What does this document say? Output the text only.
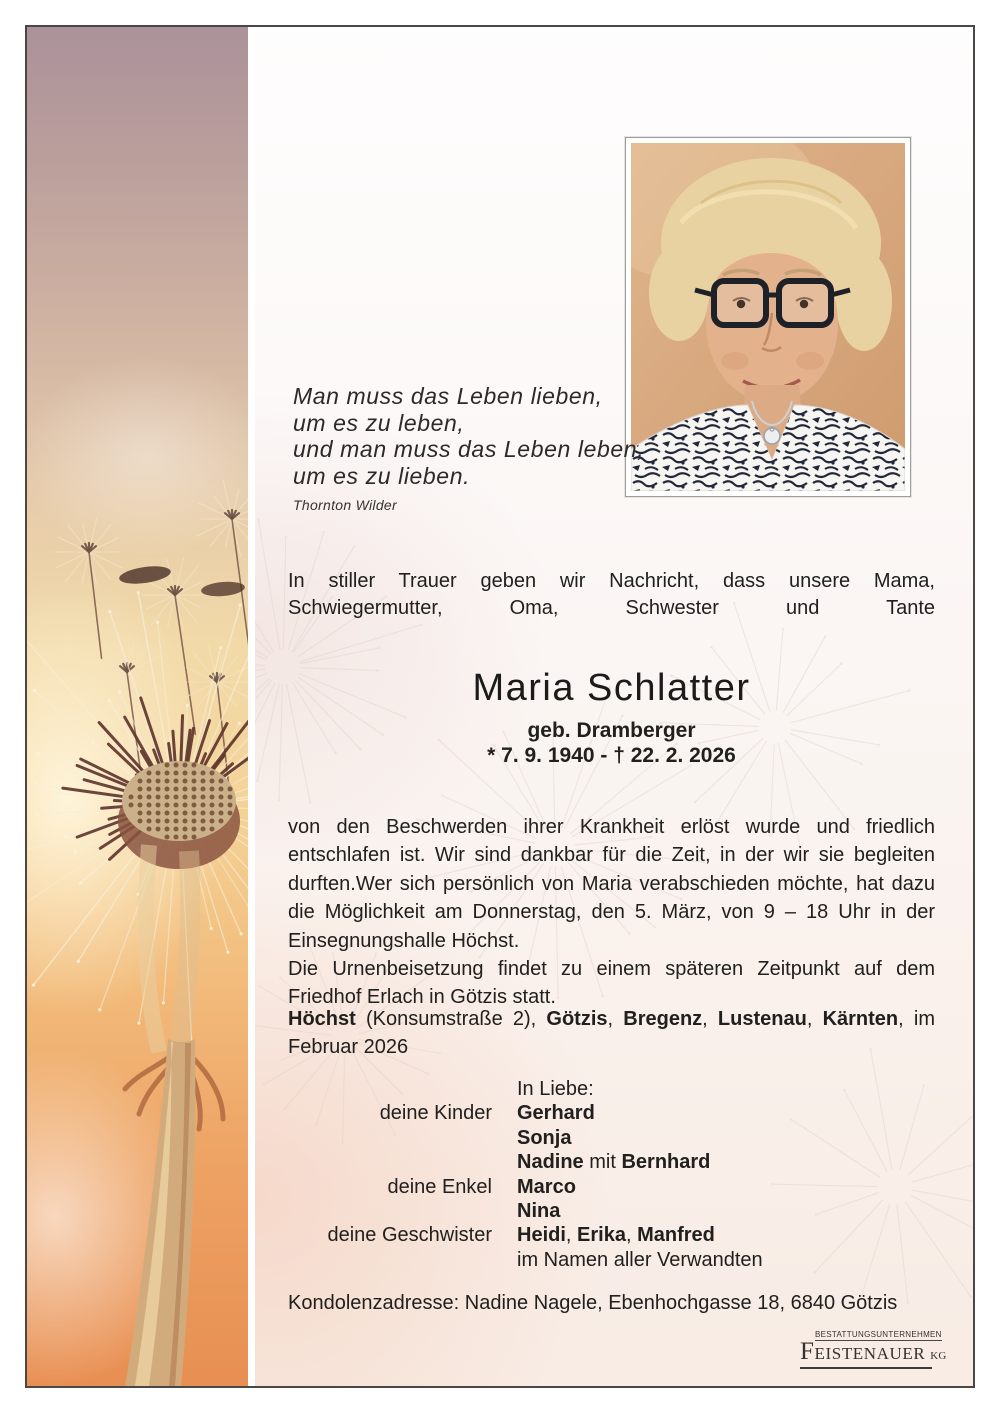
Man muss das Leben lieben,
um es zu leben,
und man muss das Leben leben,
um es zu lieben.
Thornton Wilder
In stiller Trauer geben wir Nachricht, dass unsere Mama, Schwiegermutter, Oma, Schwester und Tante
Maria Schlatter
geb. Dramberger
* 7. 9. 1940 - † 22. 2. 2026

von den Beschwerden ihrer Krankheit erlöst wurde und friedlich entschlafen ist. Wir sind dankbar für die Zeit, in der wir sie begleiten durften.Wer sich persönlich von Maria verabschieden möchte, hat dazu die Möglichkeit am Donnerstag, den 5. März, von 9 – 18 Uhr in der Einsegnungshalle Höchst.

Die Urnenbeisetzung findet zu einem späteren Zeitpunkt auf dem Friedhof Erlach in Götzis statt.

Höchst (Konsumstraße 2), Götzis, Bregenz, Lustenau, Kärnten, im Februar 2026
In Liebe:
deine Kinder	Gerhard
Sonja
Nadine mit Bernhard
deine Enkel	Marco
Nina
deine Geschwister	Heidi, Erika, Manfred
im Namen aller Verwandten
Kondolenzadresse: Nadine Nagele, Ebenhochgasse 18, 6840 Götzis
BESTATTUNGSUNTERNEHMEN
FEISTENAUER KG
